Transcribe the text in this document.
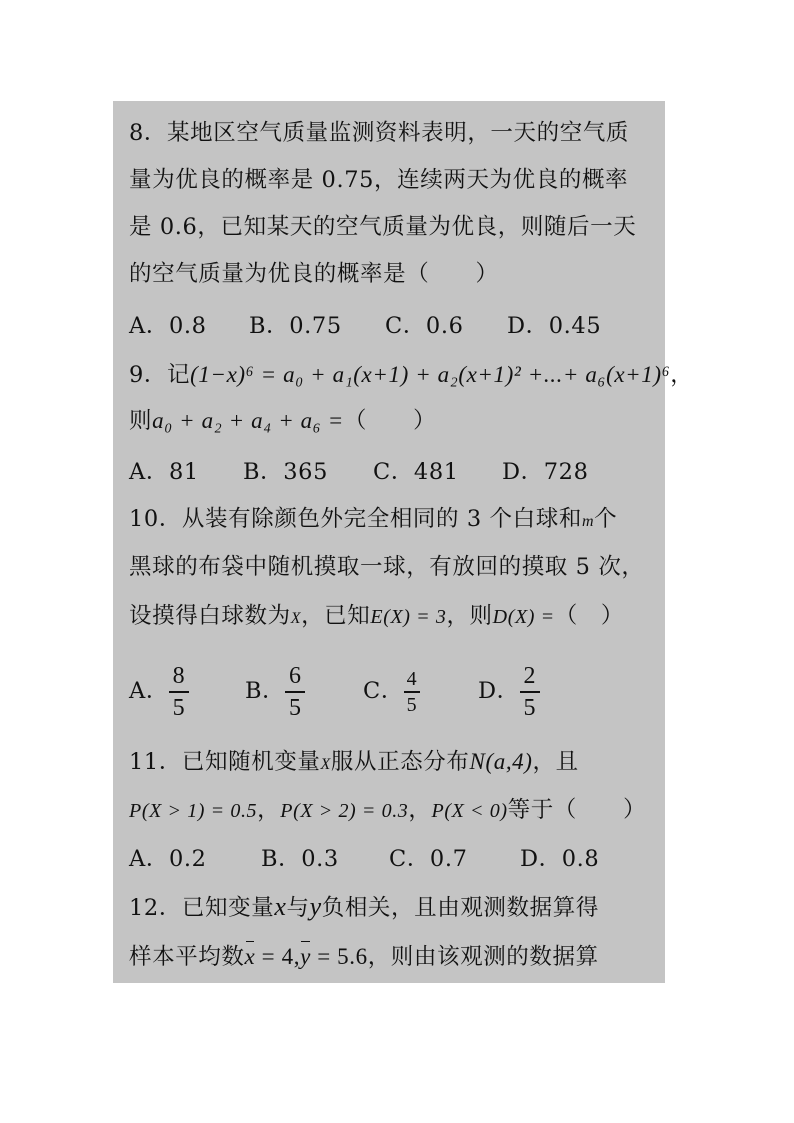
8．某地区空气质量监测资料表明，一天的空气质
量为优良的概率是 0.75，连续两天为优良的概率
是 0.6，已知某天的空气质量为优良，则随后一天
的空气质量为优良的概率是（　　）
A．0.8 B．0.75 C．0.6 D．0.45
9．记(1−x)⁶ = a₀ + a₁(x+1) + a₂(x+1)² +...+ a₆(x+1)⁶，
则a₀ + a₂ + a₄ + a₆ =（　　）
A．81 B．365 C．481 D．728
10．从装有除颜色外完全相同的 3 个白球和m个
黑球的布袋中随机摸取一球，有放回的摸取 5 次，
设摸得白球数为X，已知E(X) = 3，则D(X) =（　）
A． $\frac{8}{5}$ B． $\frac{6}{5}$	C． $\frac{4}{5}$	D． $\frac{2}{5}$
11．已知随机变量X服从正态分布N(a,4)，且
P(X > 1) = 0.5，P(X > 2) = 0.3，P(X < 0)等于（　　）
A．0.2 B．0.3 C．0.7 D．0.8
12．已知变量x与y负相关，且由观测数据算得
样本平均数x = 4,y = 5.6，则由该观测的数据算
